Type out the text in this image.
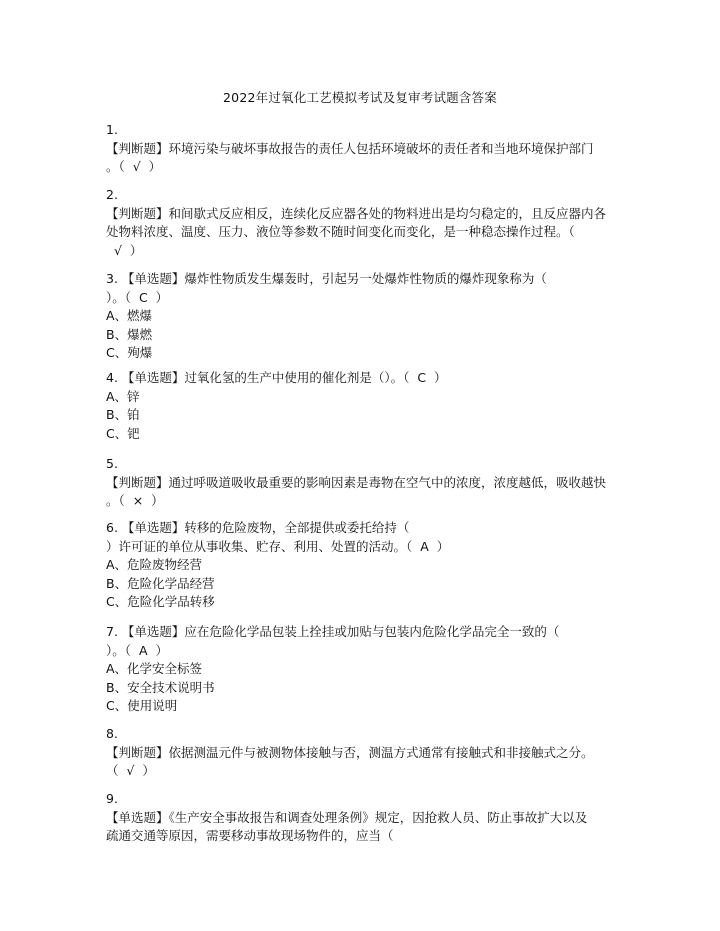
2022年过氧化工艺模拟考试及复审考试题含答案
1.
【判断题】环境污染与破坏事故报告的责任人包括环境破坏的责任者和当地环境保护部门
。（  √  ）
2.
【判断题】和间歇式反应相反，连续化反应器各处的物料进出是均匀稳定的，且反应器内各
处物料浓度、温度、压力、液位等参数不随时间变化而变化，是一种稳态操作过程。（
√  ）
3. 【单选题】爆炸性物质发生爆轰时，引起另一处爆炸性物质的爆炸现象称为（
）。（  C  ）
A、燃爆
B、爆燃
C、殉爆
4. 【单选题】过氧化氢的生产中使用的催化剂是（）。（  C  ）
A、锌
B、铂
C、钯
5.
【判断题】通过呼吸道吸收最重要的影响因素是毒物在空气中的浓度，浓度越低，吸收越快
。（  ×  ）
6. 【单选题】转移的危险废物，全部提供或委托给持（
）许可证的单位从事收集、贮存、利用、处置的活动。（  A  ）
A、危险废物经营
B、危险化学品经营
C、危险化学品转移
7. 【单选题】应在危险化学品包装上拴挂或加贴与包装内危险化学品完全一致的（
）。（  A  ）
A、化学安全标签
B、安全技术说明书
C、使用说明
8.
【判断题】依据测温元件与被测物体接触与否，测温方式通常有接触式和非接触式之分。
（  √  ）
9.
【单选题】《生产安全事故报告和调查处理条例》规定，因抢救人员、防止事故扩大以及
疏通交通等原因，需要移动事故现场物件的，应当（
